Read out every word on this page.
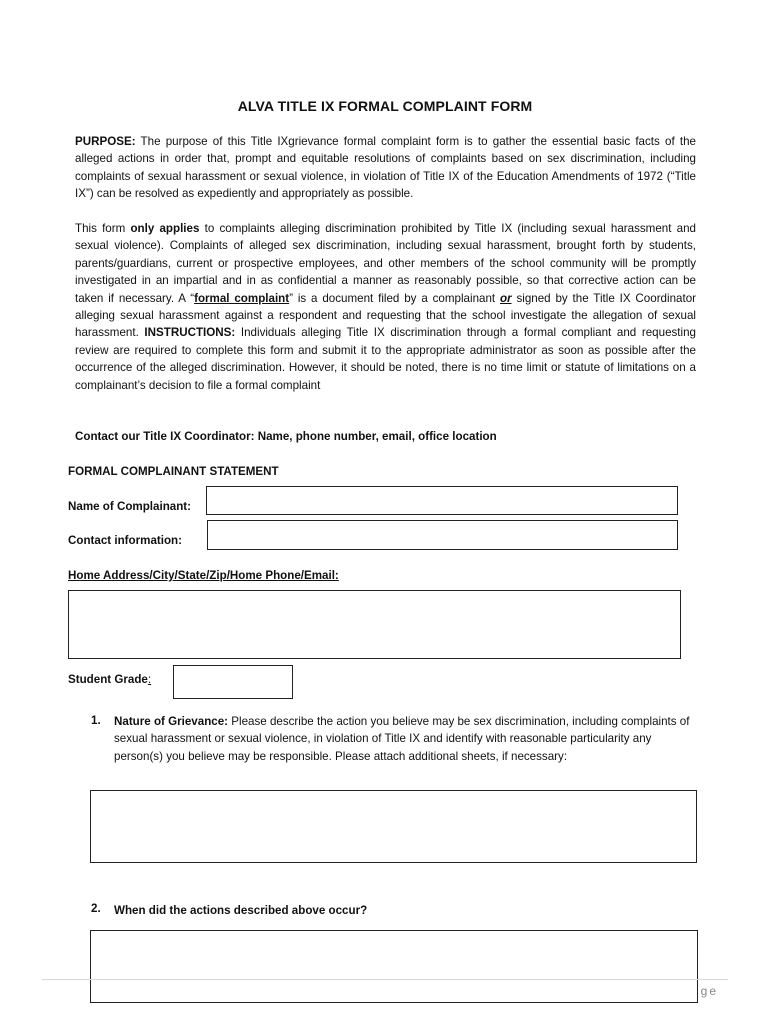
ALVA TITLE IX FORMAL COMPLAINT FORM

PURPOSE: The purpose of this Title IXgrievance formal complaint form is to gather the essential basic facts of the alleged actions in order that, prompt and equitable resolutions of complaints based on sex discrimination, including complaints of sexual harassment or sexual violence, in violation of Title IX of the Education Amendments of 1972 (“Title IX”) can be resolved as expediently and appropriately as possible.

This form only applies to complaints alleging discrimination prohibited by Title IX (including sexual harassment and sexual violence). Complaints of alleged sex discrimination, including sexual harassment, brought forth by students, parents/guardians, current or prospective employees, and other members of the school community will be promptly investigated in an impartial and in as confidential a manner as reasonably possible, so that corrective action can be taken if necessary. A “formal complaint” is a document filed by a complainant or signed by the Title IX Coordinator alleging sexual harassment against a respondent and requesting that the school investigate the allegation of sexual harassment. INSTRUCTIONS: Individuals alleging Title IX discrimination through a formal compliant and requesting review are required to complete this form and submit it to the appropriate administrator as soon as possible after the occurrence of the alleged discrimination. However, it should be noted, there is no time limit or statute of limitations on a complainant’s decision to file a formal complaint

Contact our Title IX Coordinator: Name, phone number, email, office location
FORMAL COMPLAINANT STATEMENT
Name of Complainant:
Contact information:
Home Address/City/State/Zip/Home Phone/Email:
Student Grade:
1. Nature of Grievance: Please describe the action you believe may be sex discrimination, including complaints of sexual harassment or sexual violence, in violation of Title IX and identify with reasonable particularity any person(s) you believe may be responsible. Please attach additional sheets, if necessary:

2. When did the actions described above occur?
ge
